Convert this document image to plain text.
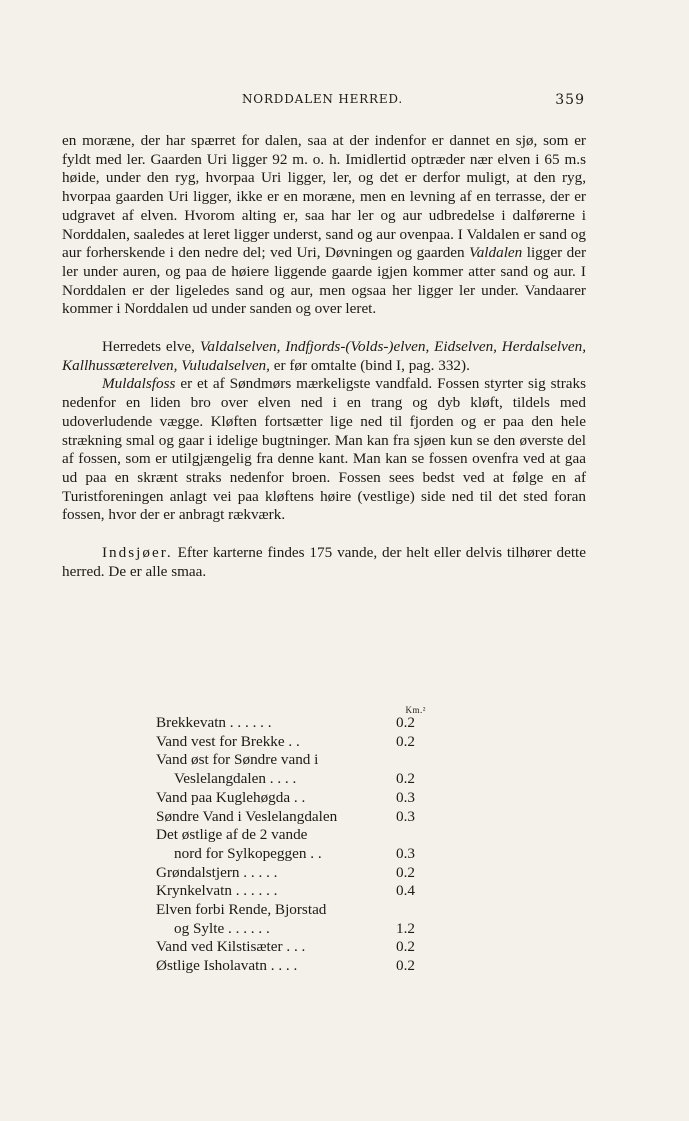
NORDDALEN HERRED.	359

en moræne, der har spærret for dalen, saa at der indenfor er dannet en sjø, som er fyldt med ler. Gaarden Uri ligger 92 m. o. h. Imidlertid optræder nær elven i 65 m.s høide, under den ryg, hvorpaa Uri ligger, ler, og det er derfor muligt, at den ryg, hvorpaa gaarden Uri ligger, ikke er en moræne, men en levning af en terrasse, der er udgravet af elven. Hvorom alting er, saa har ler og aur udbredelse i dalførerne i Norddalen, saaledes at leret ligger underst, sand og aur ovenpaa. I Valdalen er sand og aur forherskende i den nedre del; ved Uri, Døvningen og gaarden Valdalen ligger der ler under auren, og paa de høiere liggende gaarde igjen kommer atter sand og aur. I Norddalen er der ligeledes sand og aur, men ogsaa her ligger ler under. Vandaarer kommer i Norddalen ud under sanden og over leret.

Herredets elve, Valdalselven, Indfjords-(Volds-)elven, Eidselven, Herdalselven, Kallhussæterelven, Vuludalselven, er før omtalte (bind I, pag. 332).

Muldalsfoss er et af Søndmørs mærkeligste vandfald. Fossen styrter sig straks nedenfor en liden bro over elven ned i en trang og dyb kløft, tildels med udoverludende vægge. Kløften fortsætter lige ned til fjorden og er paa den hele strækning smal og gaar i idelige bugtninger. Man kan fra sjøen kun se den øverste del af fossen, som er utilgjængelig fra denne kant. Man kan se fossen ovenfra ved at gaa ud paa en skrænt straks nedenfor broen. Fossen sees bedst ved at følge en af Turistforeningen anlagt vei paa kløftens høire (vestlige) side ned til det sted foran fossen, hvor der er anbragt rækværk.

Indsjøer. Efter karterne findes 175 vande, der helt eller delvis tilhører dette herred. De er alle smaa.

Km.²
Brekkevatn . . . . . .	0.2
Vand vest for Brekke . .	0.2
Vand øst for Søndre vand i
Veslelangdalen . . . .	0.2
Vand paa Kuglehøgda . .	0.3
Søndre Vand i Veslelangdalen	0.3
Det østlige af de 2 vande
nord for Sylkopeggen . .	0.3
Grøndalstjern . . . . .	0.2
Krynkelvatn . . . . . .	0.4
Elven forbi Rende, Bjorstad
og Sylte . . . . . .	1.2
Vand ved Kilstisæter . . .	0.2
Østlige Isholavatn . . . .	0.2
